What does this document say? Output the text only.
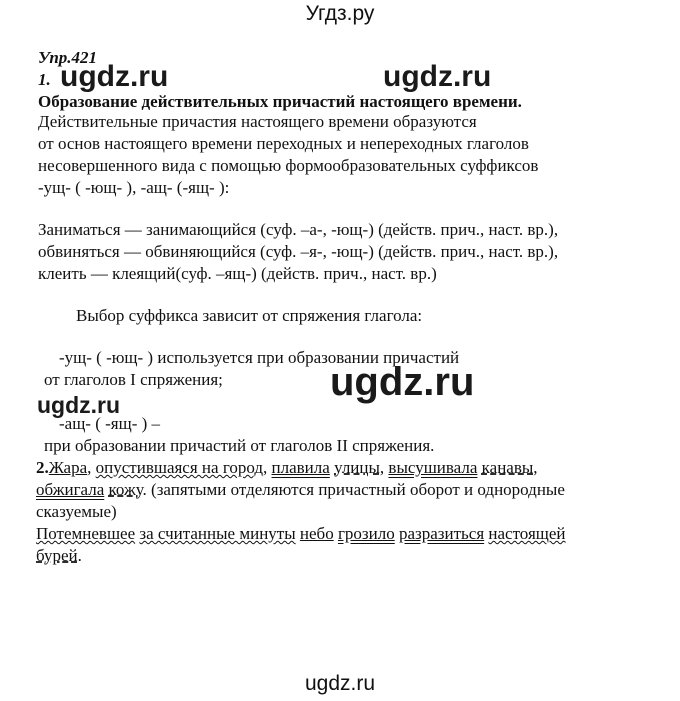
Угдз.ру
Упр.421
1. ugdz.ru	ugdz.ru
Образование действительных причастий настоящего времени.
Действительные причастия настоящего времени образуются
от основ настоящего времени переходных и непереходных глаголов
несовершенного вида с помощью формообразовательных суффиксов
-ущ- ( -ющ- ), -ащ- (-ящ- ):
Заниматься — занимающийся (суф. –а-, -ющ-) (действ. прич., наст. вр.),
обвиняться — обвиняющийся (суф. –я-, -ющ-) (действ. прич., наст. вр.),
клеить — клеящий(суф. –ящ-) (действ. прич., наст. вр.)
Выбор суффикса зависит от спряжения глагола:
-ущ- ( -ющ- ) используется при образовании причастий
от глаголов I спряжения;	ugdz.ru
ugdz.ru
-ащ- ( -ящ- ) –
при образовании причастий от глаголов II спряжения.
2.Жара, опустившаяся на город, плавила улицы, высушивала канавы,
обжигала кожу. (запятыми отделяются причастный оборот и однородные
сказуемые)
Потемневшее за считанные минуты небо грозило разразиться настоящей
бурей.
ugdz.ru
